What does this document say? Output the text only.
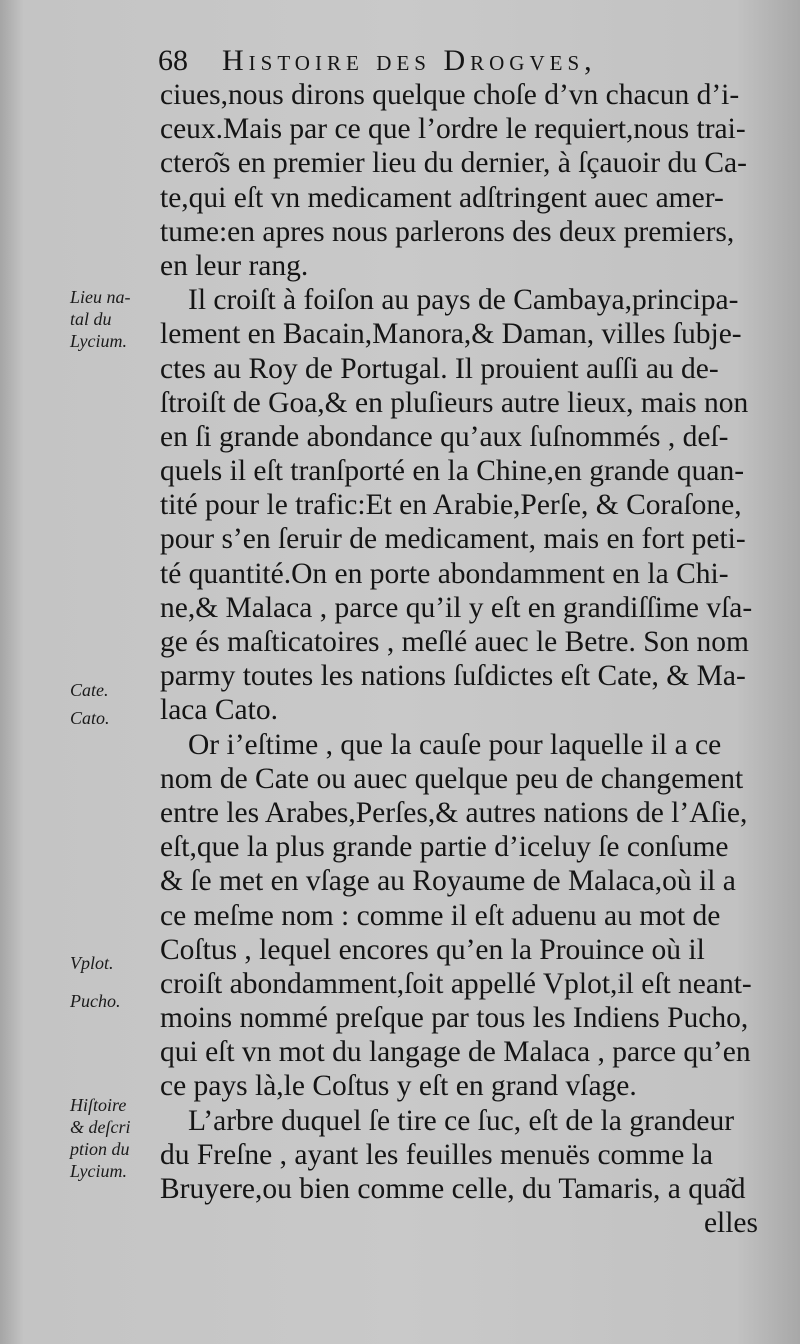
68 Histoire des Drogves,
ciues,nous dirons quelque choſe d’vn chacun d’i-
ceux.Mais par ce que l’ordre le requiert,nous trai-
ctero͂s en premier lieu du dernier, à ſçauoir du Ca-
te,qui eſt vn medicament adſtringent auec amer-
tume:en apres nous parlerons des deux premiers,
en leur rang.
Il croiſt à foiſon au pays de Cambaya,principa-
lement en Bacain,Manora,& Daman, villes ſubje-
ctes au Roy de Portugal. Il prouient auſſi au de-
ſtroiſt de Goa,& en pluſieurs autre lieux, mais non
en ſi grande abondance qu’aux ſuſnommés , deſ-
quels il eſt tranſporté en la Chine,en grande quan-
tité pour le trafic:Et en Arabie,Perſe, & Coraſone,
pour s’en ſeruir de medicament, mais en fort peti-
té quantité.On en porte abondamment en la Chi-
ne,& Malaca , parce qu’il y eſt en grandiſſime vſa-
ge és maſticatoires , meſlé auec le Betre. Son nom
parmy toutes les nations ſuſdictes eſt Cate, & Ma-
laca Cato.
Or i’eſtime , que la cauſe pour laquelle il a ce
nom de Cate ou auec quelque peu de changement
entre les Arabes,Perſes,& autres nations de l’Aſie,
eſt,que la plus grande partie d’iceluy ſe conſume
& ſe met en vſage au Royaume de Malaca,où il a
ce meſme nom : comme il eſt aduenu au mot de
Coſtus , lequel encores qu’en la Prouince où il
croiſt abondamment,ſoit appellé Vplot,il eſt neant-
moins nommé preſque par tous les Indiens Pucho,
qui eſt vn mot du langage de Malaca , parce qu’en
ce pays là,le Coſtus y eſt en grand vſage.
L’arbre duquel ſe tire ce ſuc, eſt de la grandeur
du Freſne , ayant les feuilles menuës comme la
Bruyere,ou bien comme celle, du Tamaris, a qua͂d
elles
Lieu na-
tal du
Lycium.
Cate.
Cato.
Vplot.
Pucho.
Hiſtoire
& deſcri
ption du
Lycium.
